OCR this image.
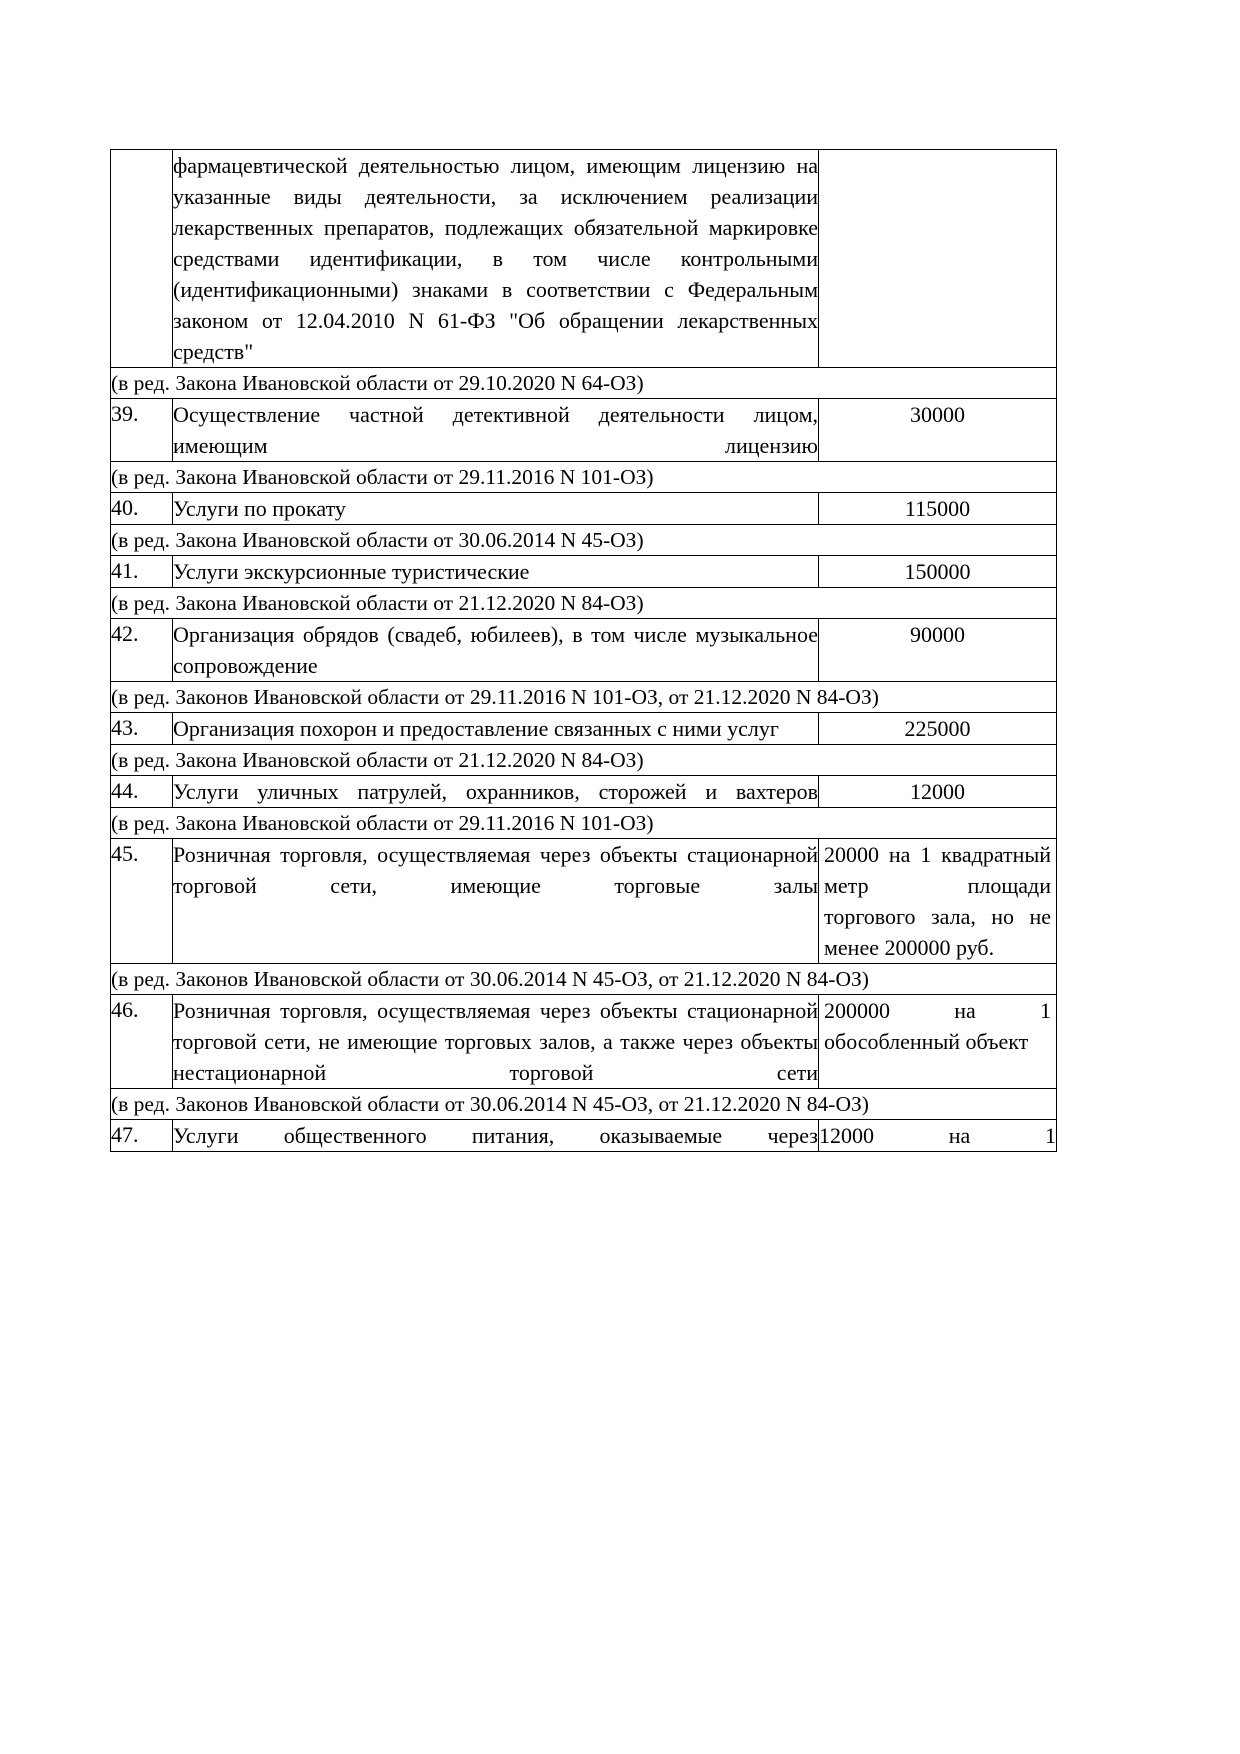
	фармацевтической деятельностью лицом, имеющим лицензию на указанные виды деятельности, за исключением реализации лекарственных препаратов, подлежащих обязательной маркировке средствами идентификации, в том числе контрольными (идентификационными) знаками в соответствии с Федеральным законом от 12.04.2010 N 61-ФЗ "Об обращении лекарственных средств"	
(в ред. Закона Ивановской области от 29.10.2020 N 64-ОЗ)		
39.	Осуществление частной детективной деятельности лицом, имеющим лицензию	30000
(в ред. Закона Ивановской области от 29.11.2016 N 101-ОЗ)		
40.	Услуги по прокату	115000
(в ред. Закона Ивановской области от 30.06.2014 N 45-ОЗ)		
41.	Услуги экскурсионные туристические	150000
(в ред. Закона Ивановской области от 21.12.2020 N 84-ОЗ)		
42.	Организация обрядов (свадеб, юбилеев), в том числе музыкальное сопровождение	90000
(в ред. Законов Ивановской области от 29.11.2016 N 101-ОЗ, от 21.12.2020 N 84-ОЗ)		
43.	Организация похорон и предоставление связанных с ними услуг	225000
(в ред. Закона Ивановской области от 21.12.2020 N 84-ОЗ)		
44.	Услуги уличных патрулей, охранников, сторожей и вахтеров	12000
(в ред. Закона Ивановской области от 29.11.2016 N 101-ОЗ)		
45.	Розничная торговля, осуществляемая через объекты стационарной торговой сети, имеющие торговые залы	20000 на 1 квадратный метр площади торгового зала, но не менее 200000 руб.
(в ред. Законов Ивановской области от 30.06.2014 N 45-ОЗ, от 21.12.2020 N 84-ОЗ)		
46.	Розничная торговля, осуществляемая через объекты стационарной торговой сети, не имеющие торговых залов, а также через объекты нестационарной торговой сети	200000 на 1 обособленный объект
(в ред. Законов Ивановской области от 30.06.2014 N 45-ОЗ, от 21.12.2020 N 84-ОЗ)		
47.	Услуги общественного питания, оказываемые через	12000 на 1
